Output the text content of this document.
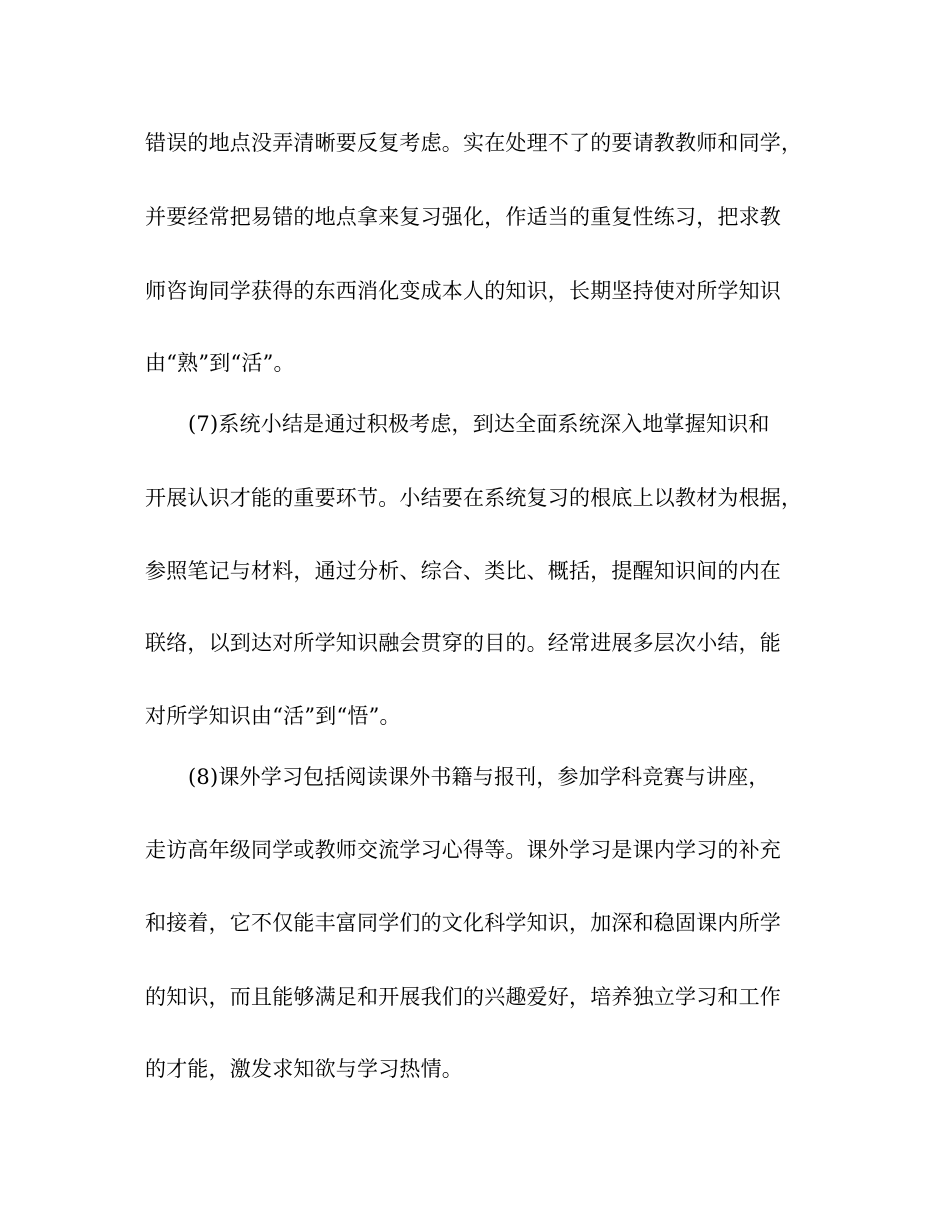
错误的地点没弄清晰要反复考虑。实在处理不了的要请教教师和同学，
并要经常把易错的地点拿来复习强化，作适当的重复性练习，把求教
师咨询同学获得的东西消化变成本人的知识，长期坚持使对所学知识
由“熟”到“活”。
(7)系统小结是通过积极考虑，到达全面系统深入地掌握知识和
开展认识才能的重要环节。小结要在系统复习的根底上以教材为根据，
参照笔记与材料，通过分析、综合、类比、概括，提醒知识间的内在
联络，以到达对所学知识融会贯穿的目的。经常进展多层次小结，能
对所学知识由“活”到“悟”。
(8)课外学习包括阅读课外书籍与报刊，参加学科竞赛与讲座，
走访高年级同学或教师交流学习心得等。课外学习是课内学习的补充
和接着，它不仅能丰富同学们的文化科学知识，加深和稳固课内所学
的知识，而且能够满足和开展我们的兴趣爱好，培养独立学习和工作
的才能，激发求知欲与学习热情。
